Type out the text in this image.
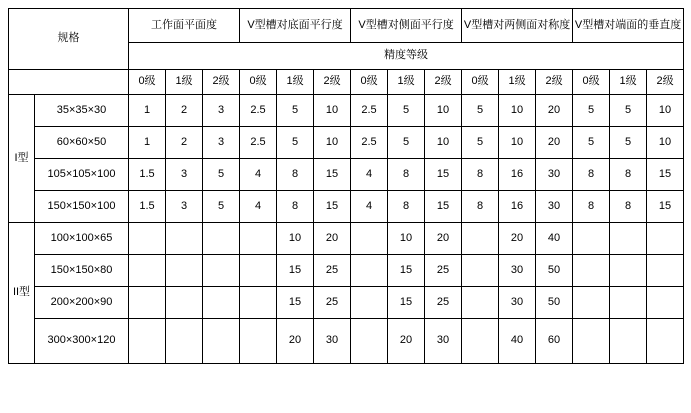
规格		工作面平面度			V型槽对底面平行度			V型槽对侧面平行度			V型槽对两侧面对称度			V型槽对端面的垂直度		
		精度等级														
		0级	1级	2级	0级	1级	2级	0级	1级	2级	0级	1级	2级	0级	1级	2级
I型	35×35×30	1	2	3	2.5	5	10	2.5	5	10	5	10	20	5	5	10
	60×60×50	1	2	3	2.5	5	10	2.5	5	10	5	10	20	5	5	10
	105×105×100	1.5	3	5	4	8	15	4	8	15	8	16	30	8	8	15
	150×150×100	1.5	3	5	4	8	15	4	8	15	8	16	30	8	8	15
II型	100×100×65					10	20		10	20		20	40			
	150×150×80					15	25		15	25		30	50			
	200×200×90					15	25		15	25		30	50			
	300×300×120					20	30		20	30		40	60			
